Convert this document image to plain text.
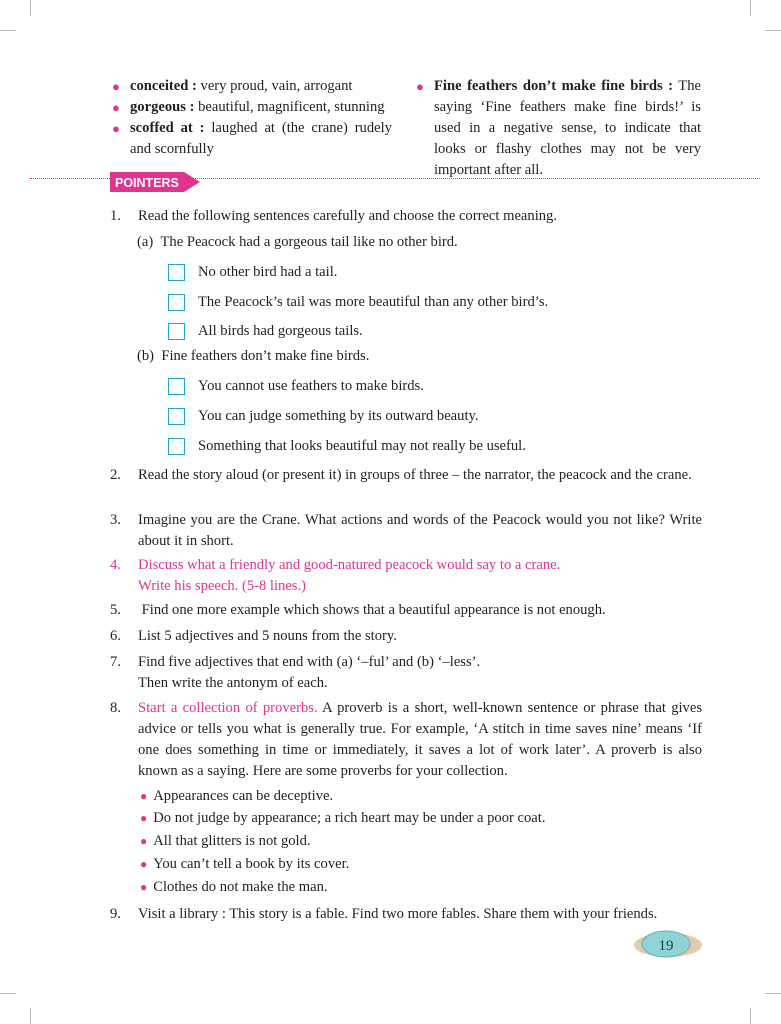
● conceited : very proud, vain, arrogant
● gorgeous : beautiful, magnificent, stunning
● scoffed at : laughed at (the crane) rudely and scornfully
● Fine feathers don’t make fine birds : The saying ‘Fine feathers make fine birds!’ is used in a negative sense, to indicate that looks or flashy clothes may not be very important after all.
POINTERS
1. Read the following sentences carefully and choose the correct meaning.
(a) The Peacock had a gorgeous tail like no other bird.
No other bird had a tail.
The Peacock’s tail was more beautiful than any other bird’s.
All birds had gorgeous tails.
(b) Fine feathers don’t make fine birds.
You cannot use feathers to make birds.
You can judge something by its outward beauty.
Something that looks beautiful may not really be useful.
2. Read the story aloud (or present it) in groups of three – the narrator, the peacock and the crane.
3. Imagine you are the Crane. What actions and words of the Peacock would you not like? Write about it in short.
4. Discuss what a friendly and good-natured peacock would say to a crane.
Write his speech. (5-8 lines.)
5. Find one more example which shows that a beautiful appearance is not enough.
6. List 5 adjectives and 5 nouns from the story.
7. Find five adjectives that end with (a) ‘–ful’ and (b) ‘–less’.
Then write the antonym of each.
8. Start a collection of proverbs. A proverb is a short, well-known sentence or phrase that gives advice or tells you what is generally true. For example, ‘A stitch in time saves nine’ means ‘If one does something in time or immediately, it saves a lot of work later’. A proverb is also known as a saying. Here are some proverbs for your collection.
● Appearances can be deceptive.
● Do not judge by appearance; a rich heart may be under a poor coat.
● All that glitters is not gold.
● You can’t tell a book by its cover.
● Clothes do not make the man.
9. Visit a library : This story is a fable. Find two more fables. Share them with your friends.
19
